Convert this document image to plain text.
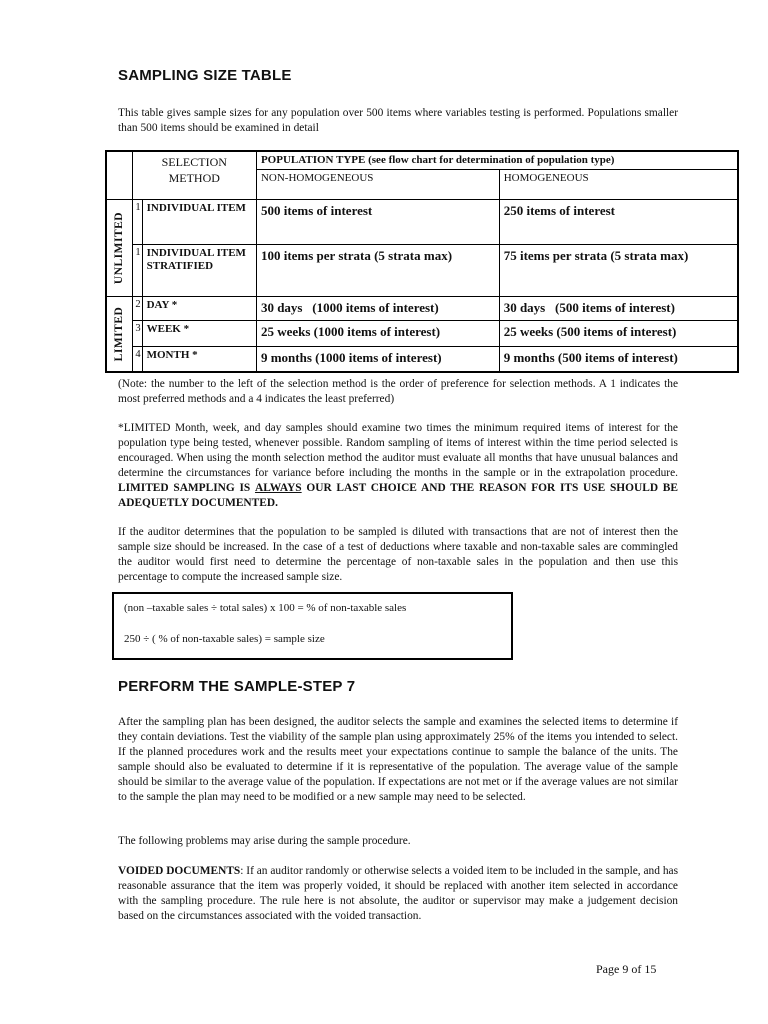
SAMPLING SIZE TABLE
This table gives sample sizes for any population over 500 items where variables testing is performed. Populations smaller than 500 items should be examined in detail
	SELECTION METHOD		POPULATION TYPE (see flow chart for determination of population type)	
			NON-HOMOGENEOUS	HOMOGENEOUS

UNLIMITED	1	INDIVIDUAL ITEM	500 items of interest	250 items of interest
	1	INDIVIDUAL ITEM STRATIFIED	100 items per strata (5 strata max)	75 items per strata (5 strata max)

LIMITED	2	DAY *	30 days   (1000 items of interest)	30 days   (500 items of interest)
	3	WEEK *	25 weeks (1000 items of interest)	25 weeks (500 items of interest)
	4	MONTH *	9 months (1000 items of interest)	9 months (500 items of interest)
(Note: the number to the left of the selection method is the order of preference for selection methods. A 1 indicates the most preferred methods and a 4 indicates the least preferred)
*LIMITED Month, week, and day samples should examine two times the minimum required items of interest for the population type being tested, whenever possible. Random sampling of items of interest within the time period selected is encouraged. When using the month selection method the auditor must evaluate all months that have unusual balances and determine the circumstances for variance before including the months in the sample or in the extrapolation procedure. LIMITED SAMPLING IS ALWAYS OUR LAST CHOICE AND THE REASON FOR ITS USE SHOULD BE ADEQUETLY DOCUMENTED.
If the auditor determines that the population to be sampled is diluted with transactions that are not of interest then the sample size should be increased. In the case of a test of deductions where taxable and non-taxable sales are commingled the auditor would first need to determine the percentage of non-taxable sales in the population and then use this percentage to compute the increased sample size.
(non –taxable sales ÷ total sales) x 100 = % of non-taxable sales
250 ÷ ( % of non-taxable sales) = sample size
PERFORM THE SAMPLE-STEP 7
After the sampling plan has been designed, the auditor selects the sample and examines the selected items to determine if they contain deviations. Test the viability of the sample plan using approximately 25% of the items you intended to select. If the planned procedures work and the results meet your expectations continue to sample the balance of the units. The sample should also be evaluated to determine if it is representative of the population. The average value of the sample should be similar to the average value of the population. If expectations are not met or if the average values are not similar to the sample the plan may need to be modified or a new sample may need to be selected.
The following problems may arise during the sample procedure.
VOIDED DOCUMENTS: If an auditor randomly or otherwise selects a voided item to be included in the sample, and has reasonable assurance that the item was properly voided, it should be replaced with another item selected in accordance with the sampling procedure. The rule here is not absolute, the auditor or supervisor may make a judgement decision based on the circumstances associated with the voided transaction.
Page 9 of 15
